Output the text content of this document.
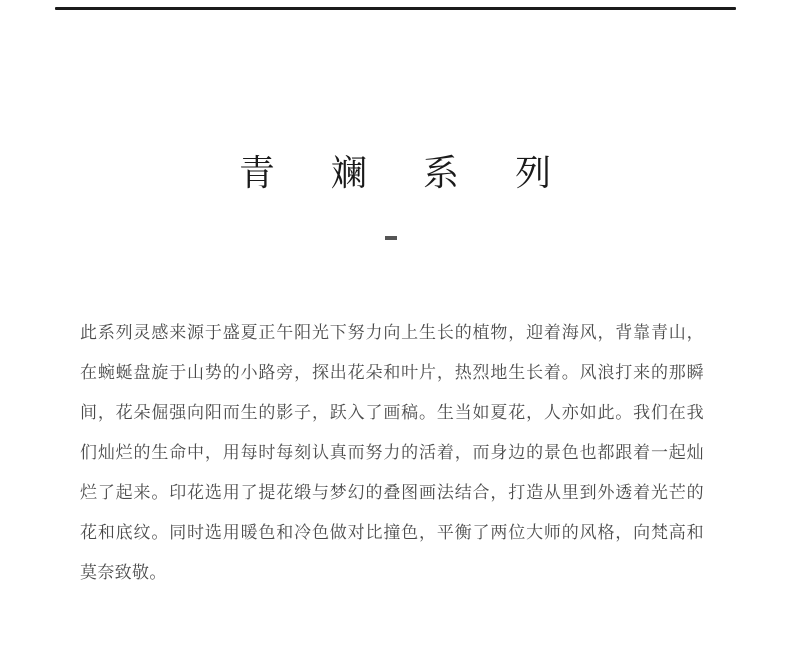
青 斓 系 列

此系列灵感来源于盛夏正午阳光下努力向上生长的植物，迎着海风，背靠青山，在蜿蜒盘旋于山势的小路旁，探出花朵和叶片，热烈地生长着。风浪打来的那瞬间，花朵倔强向阳而生的影子，跃入了画稿。生当如夏花，人亦如此。我们在我们灿烂的生命中，用每时每刻认真而努力的活着，而身边的景色也都跟着一起灿烂了起来。印花选用了提花缎与梦幻的叠图画法结合，打造从里到外透着光芒的花和底纹。同时选用暖色和冷色做对比撞色，平衡了两位大师的风格，向梵高和莫奈致敬。
